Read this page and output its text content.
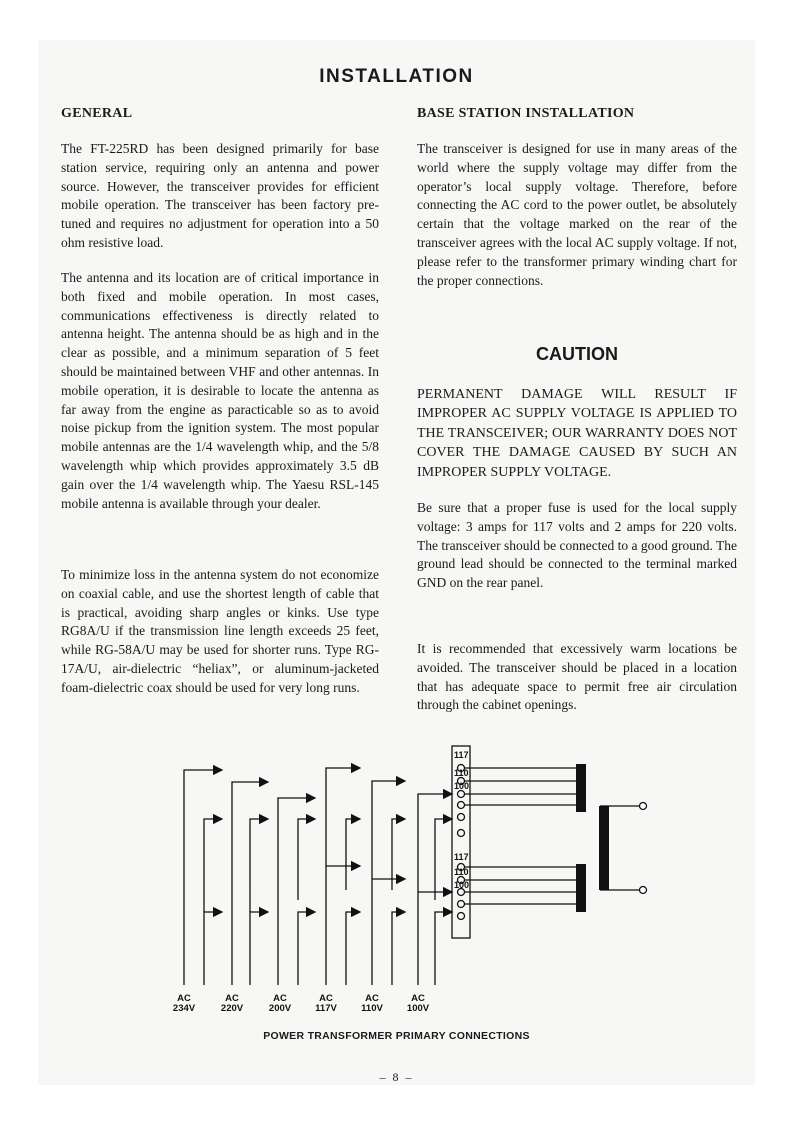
INSTALLATION
GENERAL

The FT-225RD has been designed primarily for base station service, requiring only an antenna and power source. However, the transceiver provides for efficient mobile operation. The transceiver has been factory pre-tuned and requires no adjustment for operation into a 50 ohm resistive load.

The antenna and its location are of critical importance in both fixed and mobile operation. In most cases, communications effectiveness is directly related to antenna height. The antenna should be as high and in the clear as possible, and a minimum separation of 5 feet should be maintained between VHF and other antennas. In mobile operation, it is desirable to locate the antenna as far away from the engine as paracticable so as to avoid noise pickup from the ignition system. The most popular mobile antennas are the 1/4 wavelength whip, and the 5/8 wavelength whip which provides approximately 3.5 dB gain over the 1/4 wavelength whip. The Yaesu RSL-145 mobile antenna is available through your dealer.

To minimize loss in the antenna system do not economize on coaxial cable, and use the shortest length of cable that is practical, avoiding sharp angles or kinks. Use type RG8A/U if the transmission line length exceeds 25 feet, while RG-58A/U may be used for shorter runs. Type RG-17A/U, air-dielectric “heliax”, or aluminum-jacketed foam-dielectric coax should be used for very long runs.

BASE STATION INSTALLATION

The transceiver is designed for use in many areas of the world where the supply voltage may differ from the operator’s local supply voltage. Therefore, before connecting the AC cord to the power outlet, be absolutely certain that the voltage marked on the rear of the transceiver agrees with the local AC supply voltage. If not, please refer to the transformer primary winding chart for the proper connections.

CAUTION

PERMANENT DAMAGE WILL RESULT IF IMPROPER AC SUPPLY VOLTAGE IS APPLIED TO THE TRANSCEIVER; OUR WARRANTY DOES NOT COVER THE DAMAGE CAUSED BY SUCH AN IMPROPER SUPPLY VOLTAGE.

Be sure that a proper fuse is used for the local supply voltage: 3 amps for 117 volts and 2 amps for 220 volts. The transceiver should be connected to a good ground. The ground lead should be connected to the terminal marked GND on the rear panel.

It is recommended that excessively warm locations be avoided. The transceiver should be placed in a location that has adequate space to permit free air circulation through the cabinet openings.

117
110
100
117
110
100
AC
234V
AC
220V
AC
200V
AC
117V
AC
110V
AC
100V
POWER TRANSFORMER PRIMARY CONNECTIONS
– 8 –
